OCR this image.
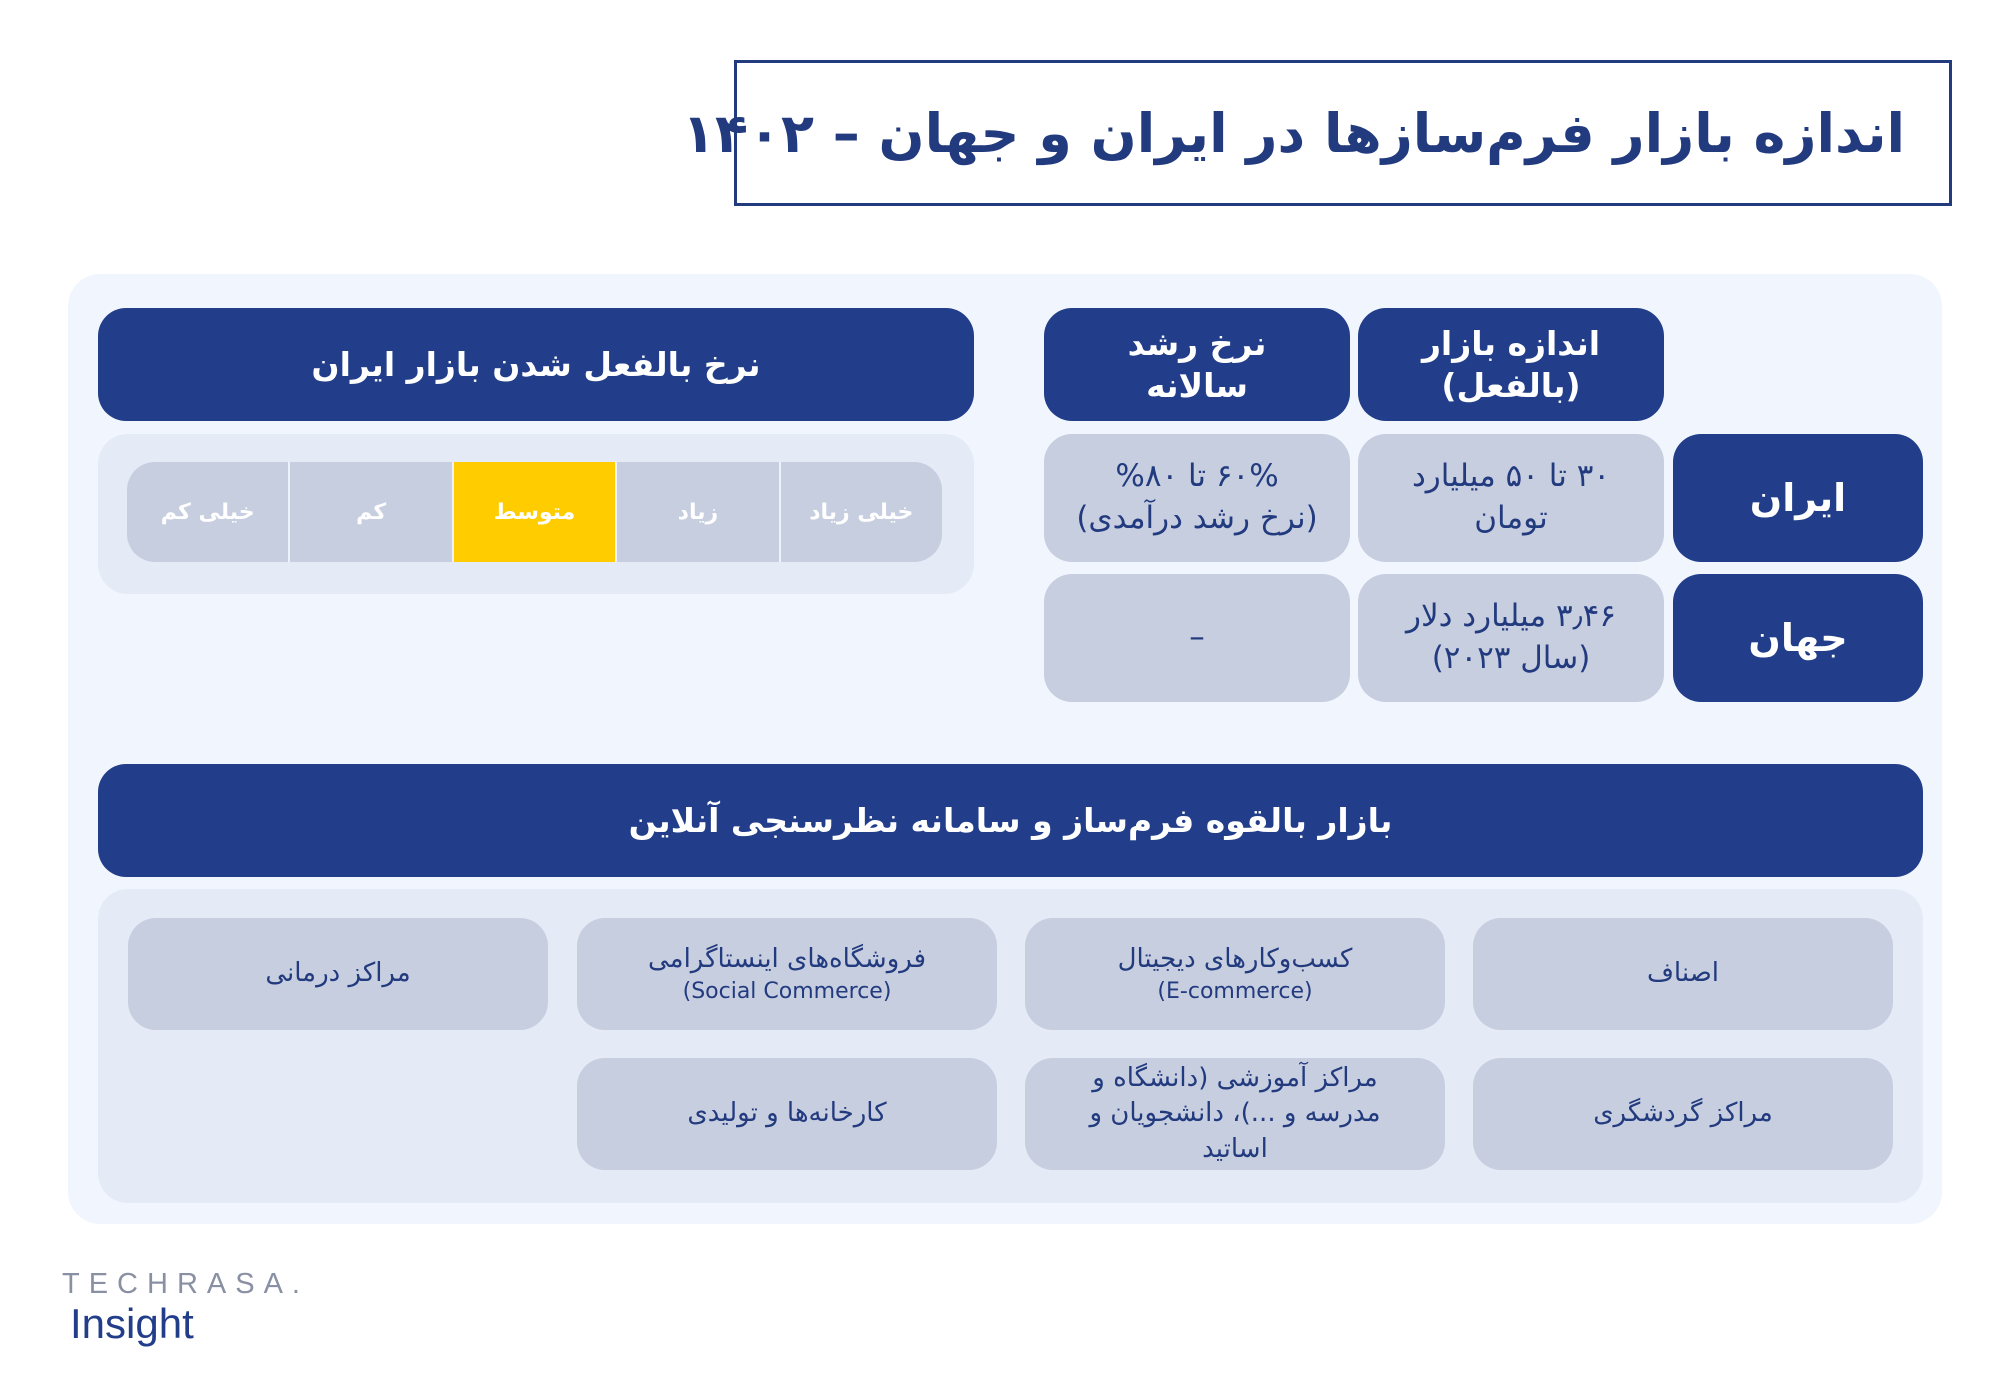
اندازه بازار فرم‌سازها در ایران و جهان – ۱۴۰۲
اندازه بازار
(بالفعل)
نرخ رشد
سالانه
ایران
۳۰ تا ۵۰ میلیارد
تومان
۶۰% تا ۸۰%
(نرخ رشد درآمدی)
جهان
۳٫۴۶ میلیارد دلار
(سال ۲۰۲۳)
–
نرخ بالفعل شدن بازار ایران
خیلی زیاد
زیاد
متوسط
کم
خیلی کم
بازار بالقوه فرم‌ساز و سامانه نظرسنجی آنلاین
اصناف
کسب‌وکارهای دیجیتال
(E-commerce)
فروشگاه‌های اینستاگرامی
(Social Commerce)
مراکز درمانی
مراکز گردشگری
مراکز آموزشی (دانشگاه و مدرسه و ...)، دانشجویان و اساتید
کارخانه‌ها و تولیدی
TECHRASA.
Insight
